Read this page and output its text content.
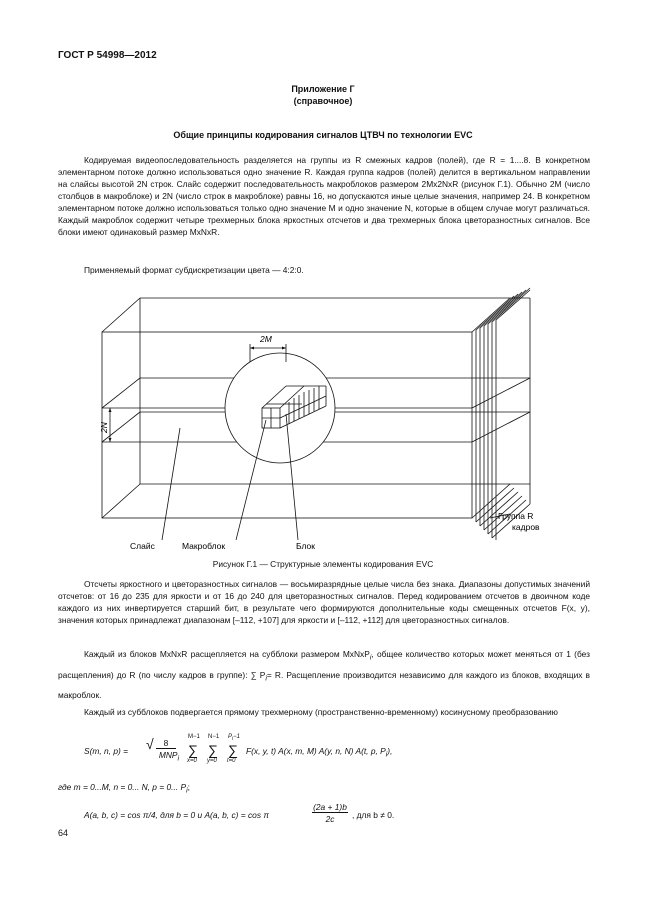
ГОСТ Р 54998—2012
Приложение Г
(справочное)
Общие принципы кодирования сигналов ЦТВЧ по технологии EVC
Кодируемая видеопоследовательность разделяется на группы из R смежных кадров (полей), где R = 1....8. В конкретном элементарном потоке должно использоваться одно значение R. Каждая группа кадров (полей) делится в вертикальном направлении на слайсы высотой 2N строк. Слайс содержит последовательность макроблоков размером 2Mx2NxR (рисунок Г.1). Обычно 2M (число столбцов в макроблоке) и 2N (число строк в макроблоке) равны 16, но допускаются иные целые значения, например 24. В конкретном элементарном потоке должно использоваться только одно значение M и одно значение N, которые в общем случае могут различаться. Каждый макроблок содержит четыре трехмерных блока яркостных отсчетов и два трехмерных блока цветоразностных сигналов. Все блоки имеют одинаковый размер MxNxR.
Применяемый формат субдискретизации цвета — 4:2:0.
2M
2N
Слайс	Макроблок	Блок
Группа R
кадров
Рисунок Г.1 — Структурные элементы кодирования EVC
Отсчеты яркостного и цветоразностных сигналов — восьмиразрядные целые числа без знака. Диапазоны допустимых значений отсчетов: от 16 до 235 для яркости и от 16 до 240 для цветоразностных сигналов. Перед кодированием отсчетов в двоичном коде каждого из них инвертируется старший бит, в результате чего формируются дополнительные коды смещенных отсчетов F(x, y), значения которых принадлежат диапазонам [–112, +107] для яркости и [–112, +112] для цветоразностных сигналов.
Каждый из блоков MxNxR расщепляется на субблоки размером MxNxP$_i$, общее количество которых может меняться от 1 (без расщепления) до R (по числу кадров в группе): ∑ $P_i= R$. Расщепление производится независимо для каждого из блоков, входящих в макроблок.
Каждый из субблоков подвергается прямому трехмерному (пространственно-временному) косинусному преобразованию
S(m, n, p) = √	8
$MNP_i$
M−1
∑
x=0
N−1
∑
y=0
$P_i-1$
∑
t=0
F(x, y, t) A(x, m, M) A(y, n, N) A(t, p, $P_i$),
где m = 0...M, n = 0... N, p = 0... $P_i$;
A(a, b, c) = cos π/4, для b = 0 и A(a, b, c) = cos π
(2a + 1)b
2c	, для b ≠ 0.
64
